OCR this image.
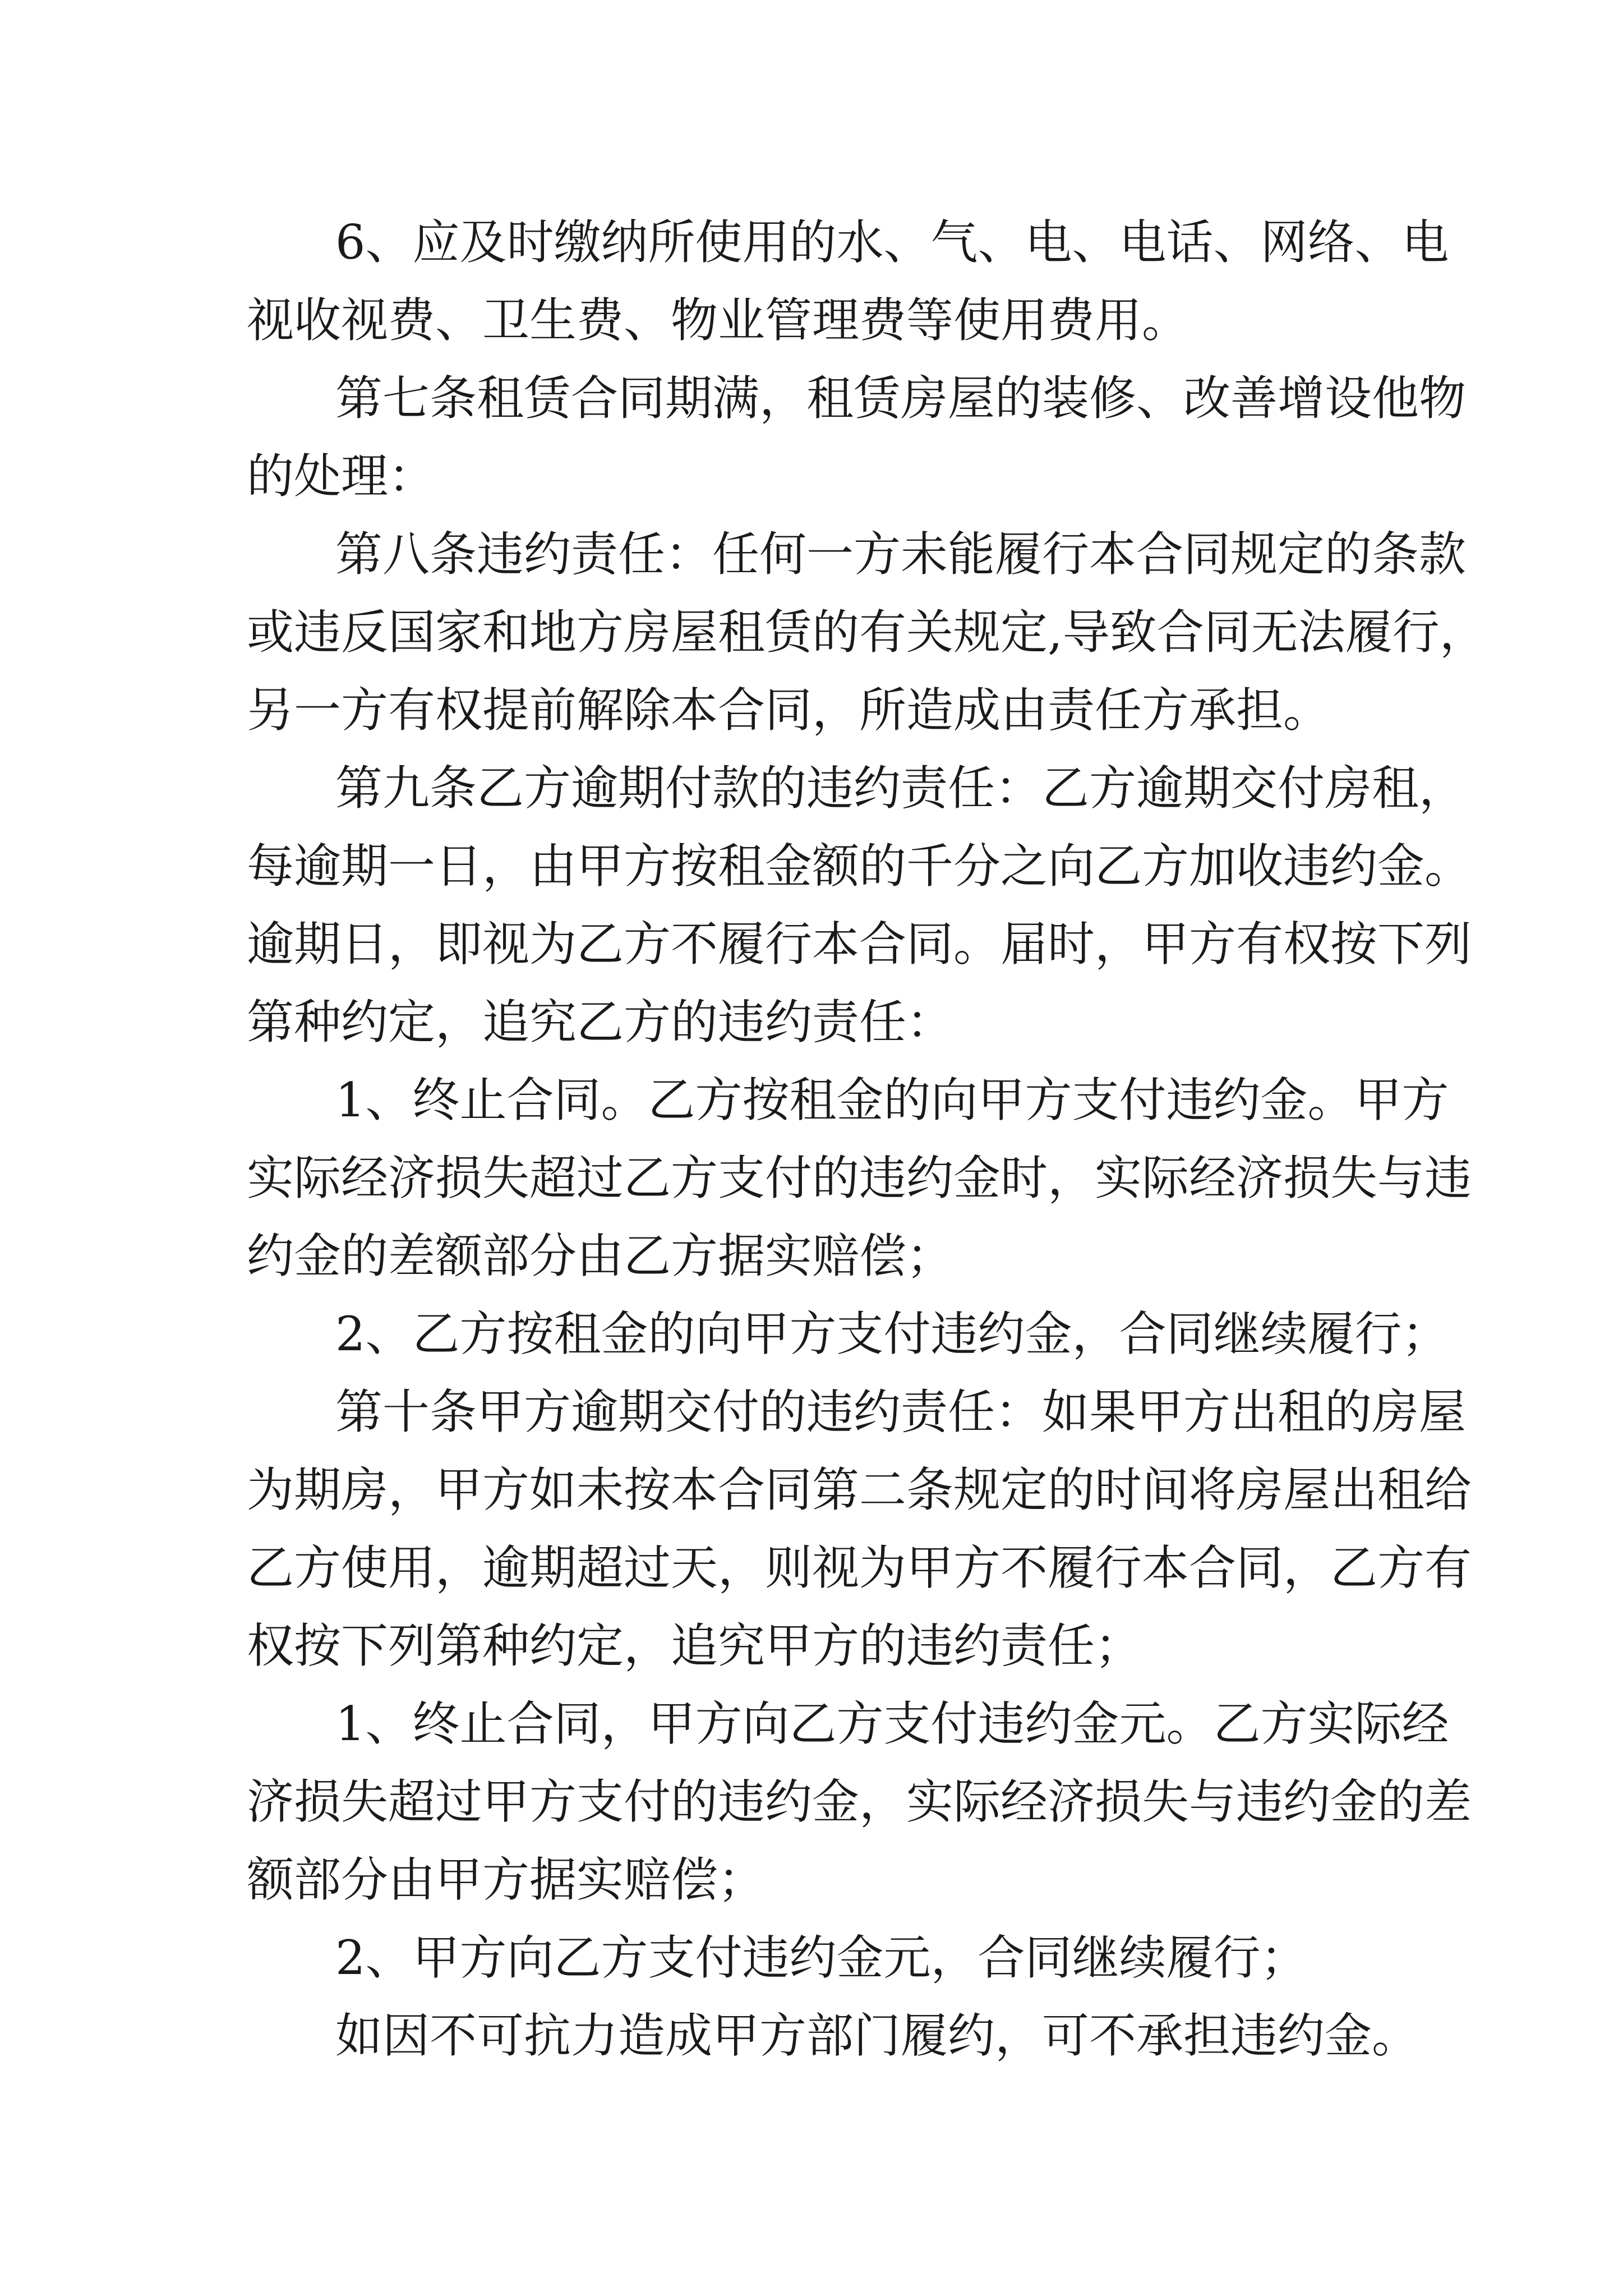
6、应及时缴纳所使用的水、气、电、电话、网络、电
视收视费、卫生费、物业管理费等使用费用。

第七条租赁合同期满，租赁房屋的装修、改善增设他物
的处理：

第八条违约责任：任何一方未能履行本合同规定的条款
或违反国家和地方房屋租赁的有关规定,导致合同无法履行，
另一方有权提前解除本合同，所造成由责任方承担。

第九条乙方逾期付款的违约责任：乙方逾期交付房租，
每逾期一日，由甲方按租金额的千分之向乙方加收违约金。
逾期日，即视为乙方不履行本合同。届时，甲方有权按下列
第种约定，追究乙方的违约责任：

1、终止合同。乙方按租金的向甲方支付违约金。甲方
实际经济损失超过乙方支付的违约金时，实际经济损失与违
约金的差额部分由乙方据实赔偿；

2、乙方按租金的向甲方支付违约金，合同继续履行；

第十条甲方逾期交付的违约责任：如果甲方出租的房屋
为期房，甲方如未按本合同第二条规定的时间将房屋出租给
乙方使用，逾期超过天，则视为甲方不履行本合同，乙方有
权按下列第种约定，追究甲方的违约责任；

1、终止合同，甲方向乙方支付违约金元。乙方实际经
济损失超过甲方支付的违约金，实际经济损失与违约金的差
额部分由甲方据实赔偿；

2、甲方向乙方支付违约金元，合同继续履行；

如因不可抗力造成甲方部门履约，可不承担违约金。
